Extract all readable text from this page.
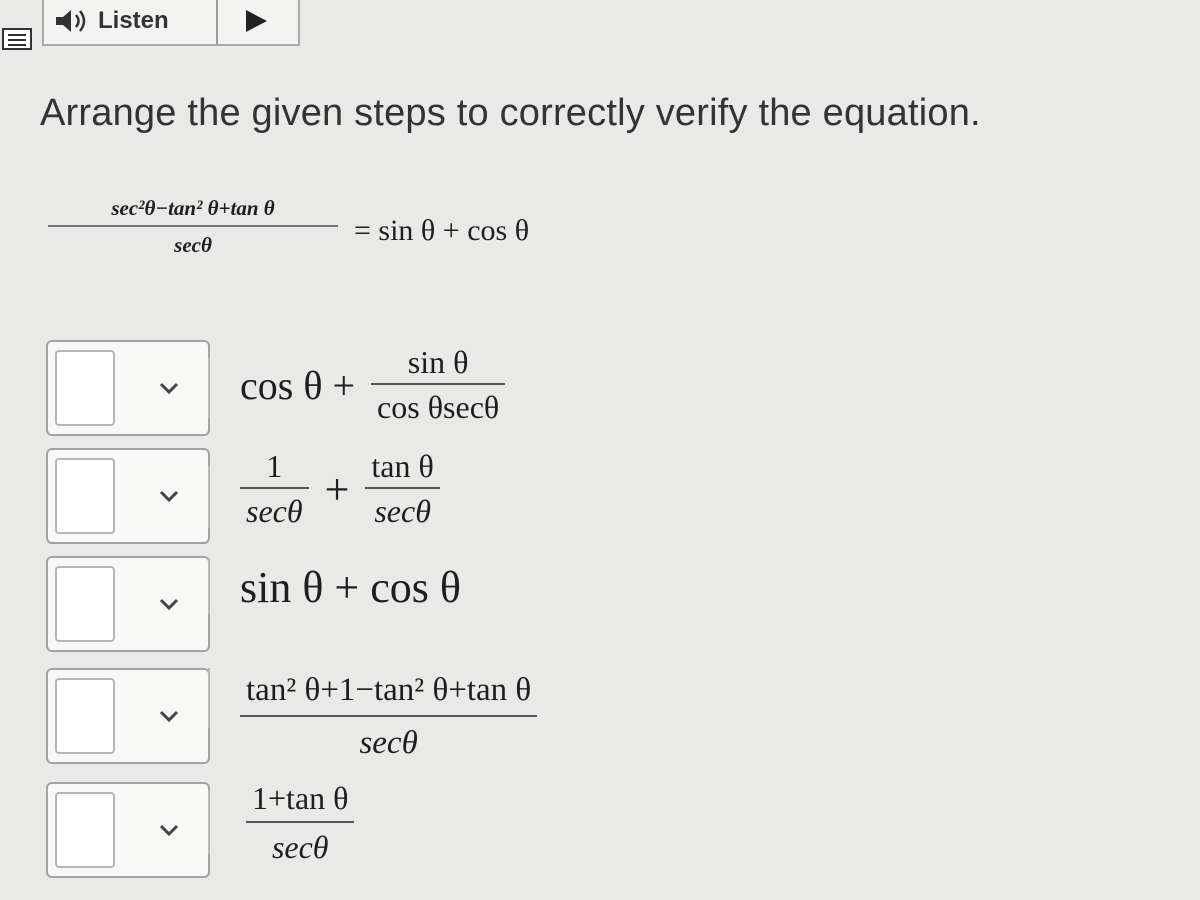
Listen
Arrange the given steps to correctly verify the equation.
sec²θ−tan² θ+tan θ
secθ	= sin θ + cos θ
cos θ +
sin θ
cos θsecθ
1
secθ + tan θ
secθ
sin θ + cos θ
tan² θ+1−tan² θ+tan θ
secθ
1+tan θ
secθ
